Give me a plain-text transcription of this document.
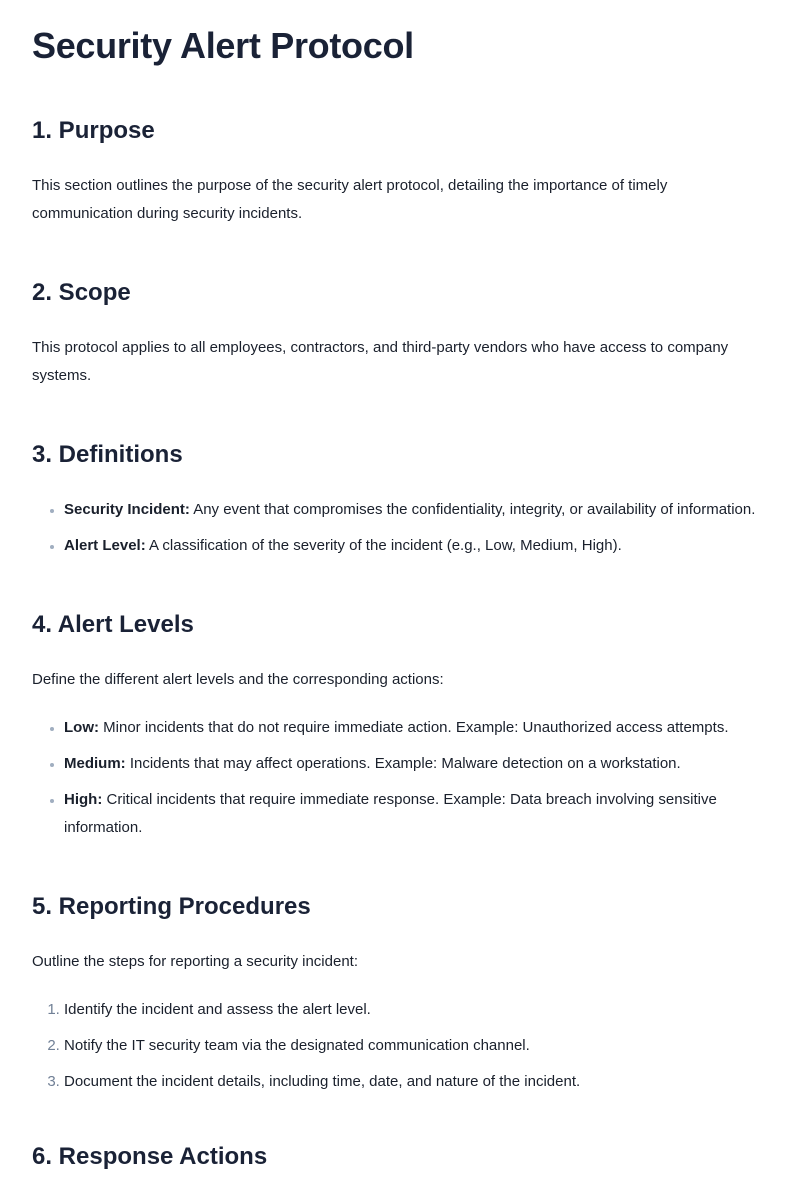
Security Alert Protocol
1. Purpose

This section outlines the purpose of the security alert protocol, detailing the importance of timely communication during security incidents.

2. Scope

This protocol applies to all employees, contractors, and third-party vendors who have access to company systems.

3. Definitions
• Security Incident: Any event that compromises the confidentiality, integrity, or availability of information.
• Alert Level: A classification of the severity of the incident (e.g., Low, Medium, High).
4. Alert Levels

Define the different alert levels and the corresponding actions:

• Low: Minor incidents that do not require immediate action. Example: Unauthorized access attempts.
• Medium: Incidents that may affect operations. Example: Malware detection on a workstation.
• High: Critical incidents that require immediate response. Example: Data breach involving sensitive information.
5. Reporting Procedures

Outline the steps for reporting a security incident:

1. Identify the incident and assess the alert level.
2. Notify the IT security team via the designated communication channel.
3. Document the incident details, including time, date, and nature of the incident.
6. Response Actions
